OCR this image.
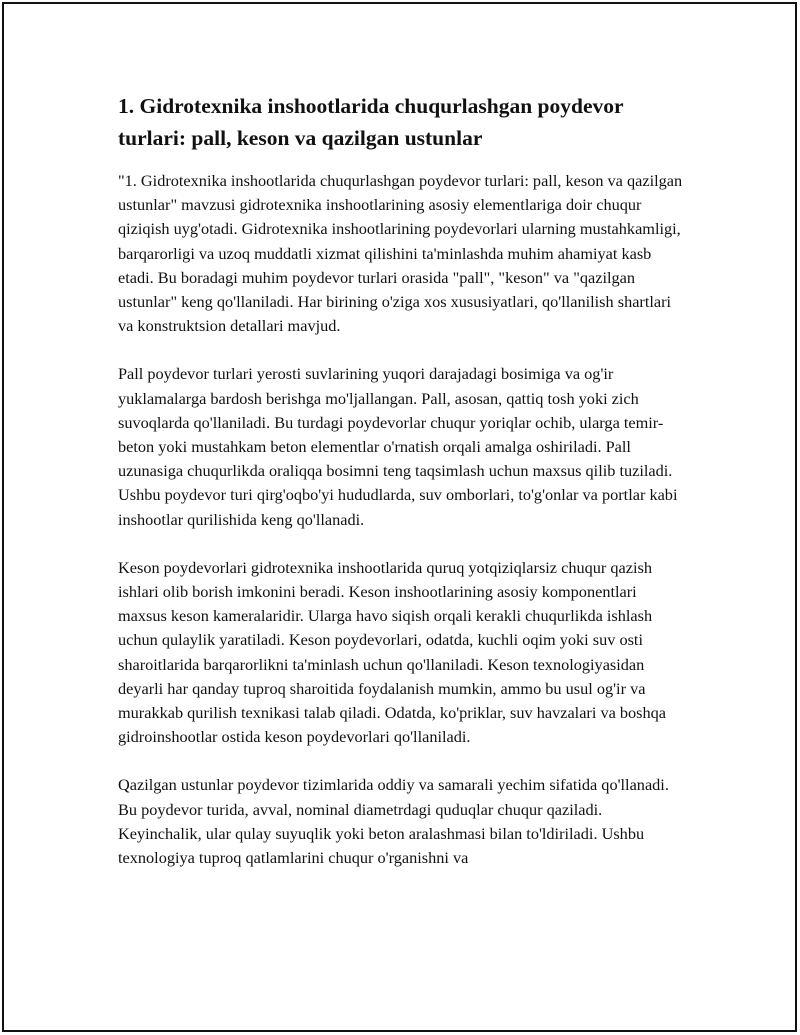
1. Gidrotexnika inshootlarida chuqurlashgan poydevor turlari: pall, keson va qazilgan ustunlar

"1. Gidrotexnika inshootlarida chuqurlashgan poydevor turlari: pall, keson va qazilgan ustunlar" mavzusi gidrotexnika inshootlarining asosiy elementlariga doir chuqur qiziqish uyg'otadi. Gidrotexnika inshootlarining poydevorlari ularning mustahkamligi, barqarorligi va uzoq muddatli xizmat qilishini ta'minlashda muhim ahamiyat kasb etadi. Bu boradagi muhim poydevor turlari orasida "pall", "keson" va "qazilgan ustunlar" keng qo'llaniladi. Har birining o'ziga xos xususiyatlari, qo'llanilish shartlari va konstruktsion detallari mavjud.

Pall poydevor turlari yerosti suvlarining yuqori darajadagi bosimiga va og'ir yuklamalarga bardosh berishga mo'ljallangan. Pall, asosan, qattiq tosh yoki zich suvoqlarda qo'llaniladi. Bu turdagi poydevorlar chuqur yoriqlar ochib, ularga temir-beton yoki mustahkam beton elementlar o'rnatish orqali amalga oshiriladi. Pall uzunasiga chuqurlikda oraliqqa bosimni teng taqsimlash uchun maxsus qilib tuziladi. Ushbu poydevor turi qirg'oqbo'yi hududlarda, suv omborlari, to'g'onlar va portlar kabi inshootlar qurilishida keng qo'llanadi.

Keson poydevorlari gidrotexnika inshootlarida quruq yotqiziqlarsiz chuqur qazish ishlari olib borish imkonini beradi. Keson inshootlarining asosiy komponentlari maxsus keson kameralaridir. Ularga havo siqish orqali kerakli chuqurlikda ishlash uchun qulaylik yaratiladi. Keson poydevorlari, odatda, kuchli oqim yoki suv osti sharoitlarida barqarorlikni ta'minlash uchun qo'llaniladi. Keson texnologiyasidan deyarli har qanday tuproq sharoitida foydalanish mumkin, ammo bu usul og'ir va murakkab qurilish texnikasi talab qiladi. Odatda, ko'priklar, suv havzalari va boshqa gidroinshootlar ostida keson poydevorlari qo'llaniladi.

Qazilgan ustunlar poydevor tizimlarida oddiy va samarali yechim sifatida qo'llanadi. Bu poydevor turida, avval, nominal diametrdagi quduqlar chuqur qaziladi. Keyinchalik, ular qulay suyuqlik yoki beton aralashmasi bilan to'ldiriladi. Ushbu texnologiya tuproq qatlamlarini chuqur o'rganishni va
